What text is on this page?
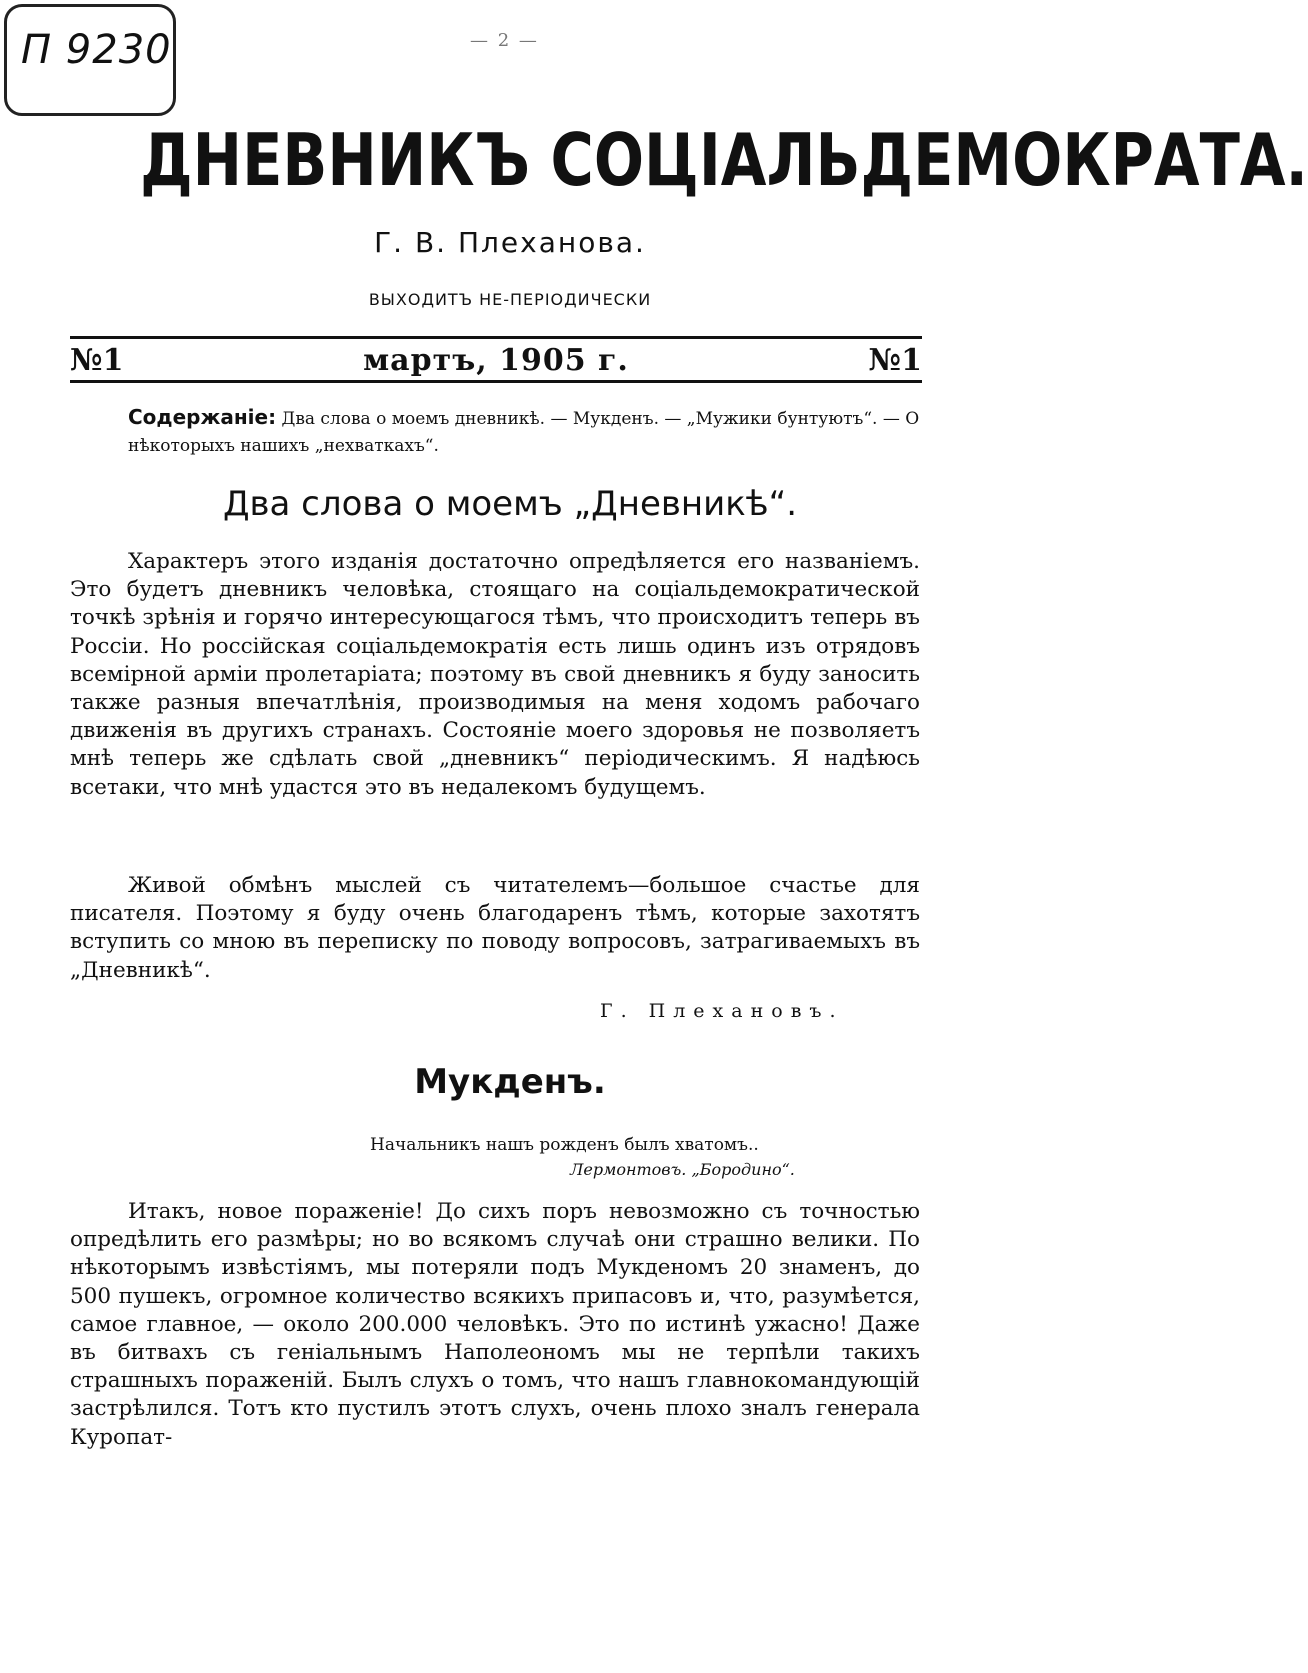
П 9230	— 2 —
ДНЕВНИКЪ СОЦІАЛЬДЕМОКРАТА.
Г. В. Плеханова.
ВЫХОДИТЪ НЕ-ПЕРІОДИЧЕСКИ
№1	мартъ, 1905 г.	№1
Содержаніе: Два слова о моемъ дневникѣ. — Мукденъ. — „Мужики бунтуютъ“. — О нѣкоторыхъ нашихъ „нехваткахъ“.
Два слова о моемъ „Дневникѣ“.

Характеръ этого изданія достаточно опредѣляется его названіемъ. Это будетъ дневникъ человѣка, стоящаго на соціальдемократической точкѣ зрѣнія и горячо интересующагося тѣмъ, что происходитъ теперь въ Россіи. Но россійская соціальдемократія есть лишь одинъ изъ отрядовъ всемірной арміи пролетаріата; поэтому въ свой дневникъ я буду заносить также разныя впечатлѣнія, производимыя на меня ходомъ рабочаго движенія въ другихъ странахъ. Состояніе моего здоровья не позволяетъ мнѣ теперь же сдѣлать свой „дневникъ“ періодическимъ. Я надѣюсь всетаки, что мнѣ удастся это въ недалекомъ будущемъ.

Живой обмѣнъ мыслей съ читателемъ—большое счастье для писателя. Поэтому я буду очень благодаренъ тѣмъ, которые захотятъ вступить со мною въ переписку по поводу вопросовъ, затрагиваемыхъ въ „Дневникѣ“.

Г. Плехановъ.
Мукденъ.
Начальникъ нашъ рожденъ былъ хватомъ..
Лермонтовъ. „Бородино“.

Итакъ, новое пораженіе! До сихъ поръ невозможно съ точностью опредѣлить его размѣры; но во всякомъ случаѣ они страшно велики. По нѣкоторымъ извѣстіямъ, мы потеряли подъ Мукденомъ 20 знаменъ, до 500 пушекъ, огромное количество всякихъ припасовъ и, что, разумѣется, самое главное, — около 200.000 человѣкъ. Это по истинѣ ужасно! Даже въ битвахъ съ геніальнымъ Наполеономъ мы не терпѣли такихъ страшныхъ пораженій. Былъ слухъ о томъ, что нашъ главнокомандующій застрѣлился. Тотъ кто пустилъ этотъ слухъ, очень плохо зналъ генерала Куропат-
